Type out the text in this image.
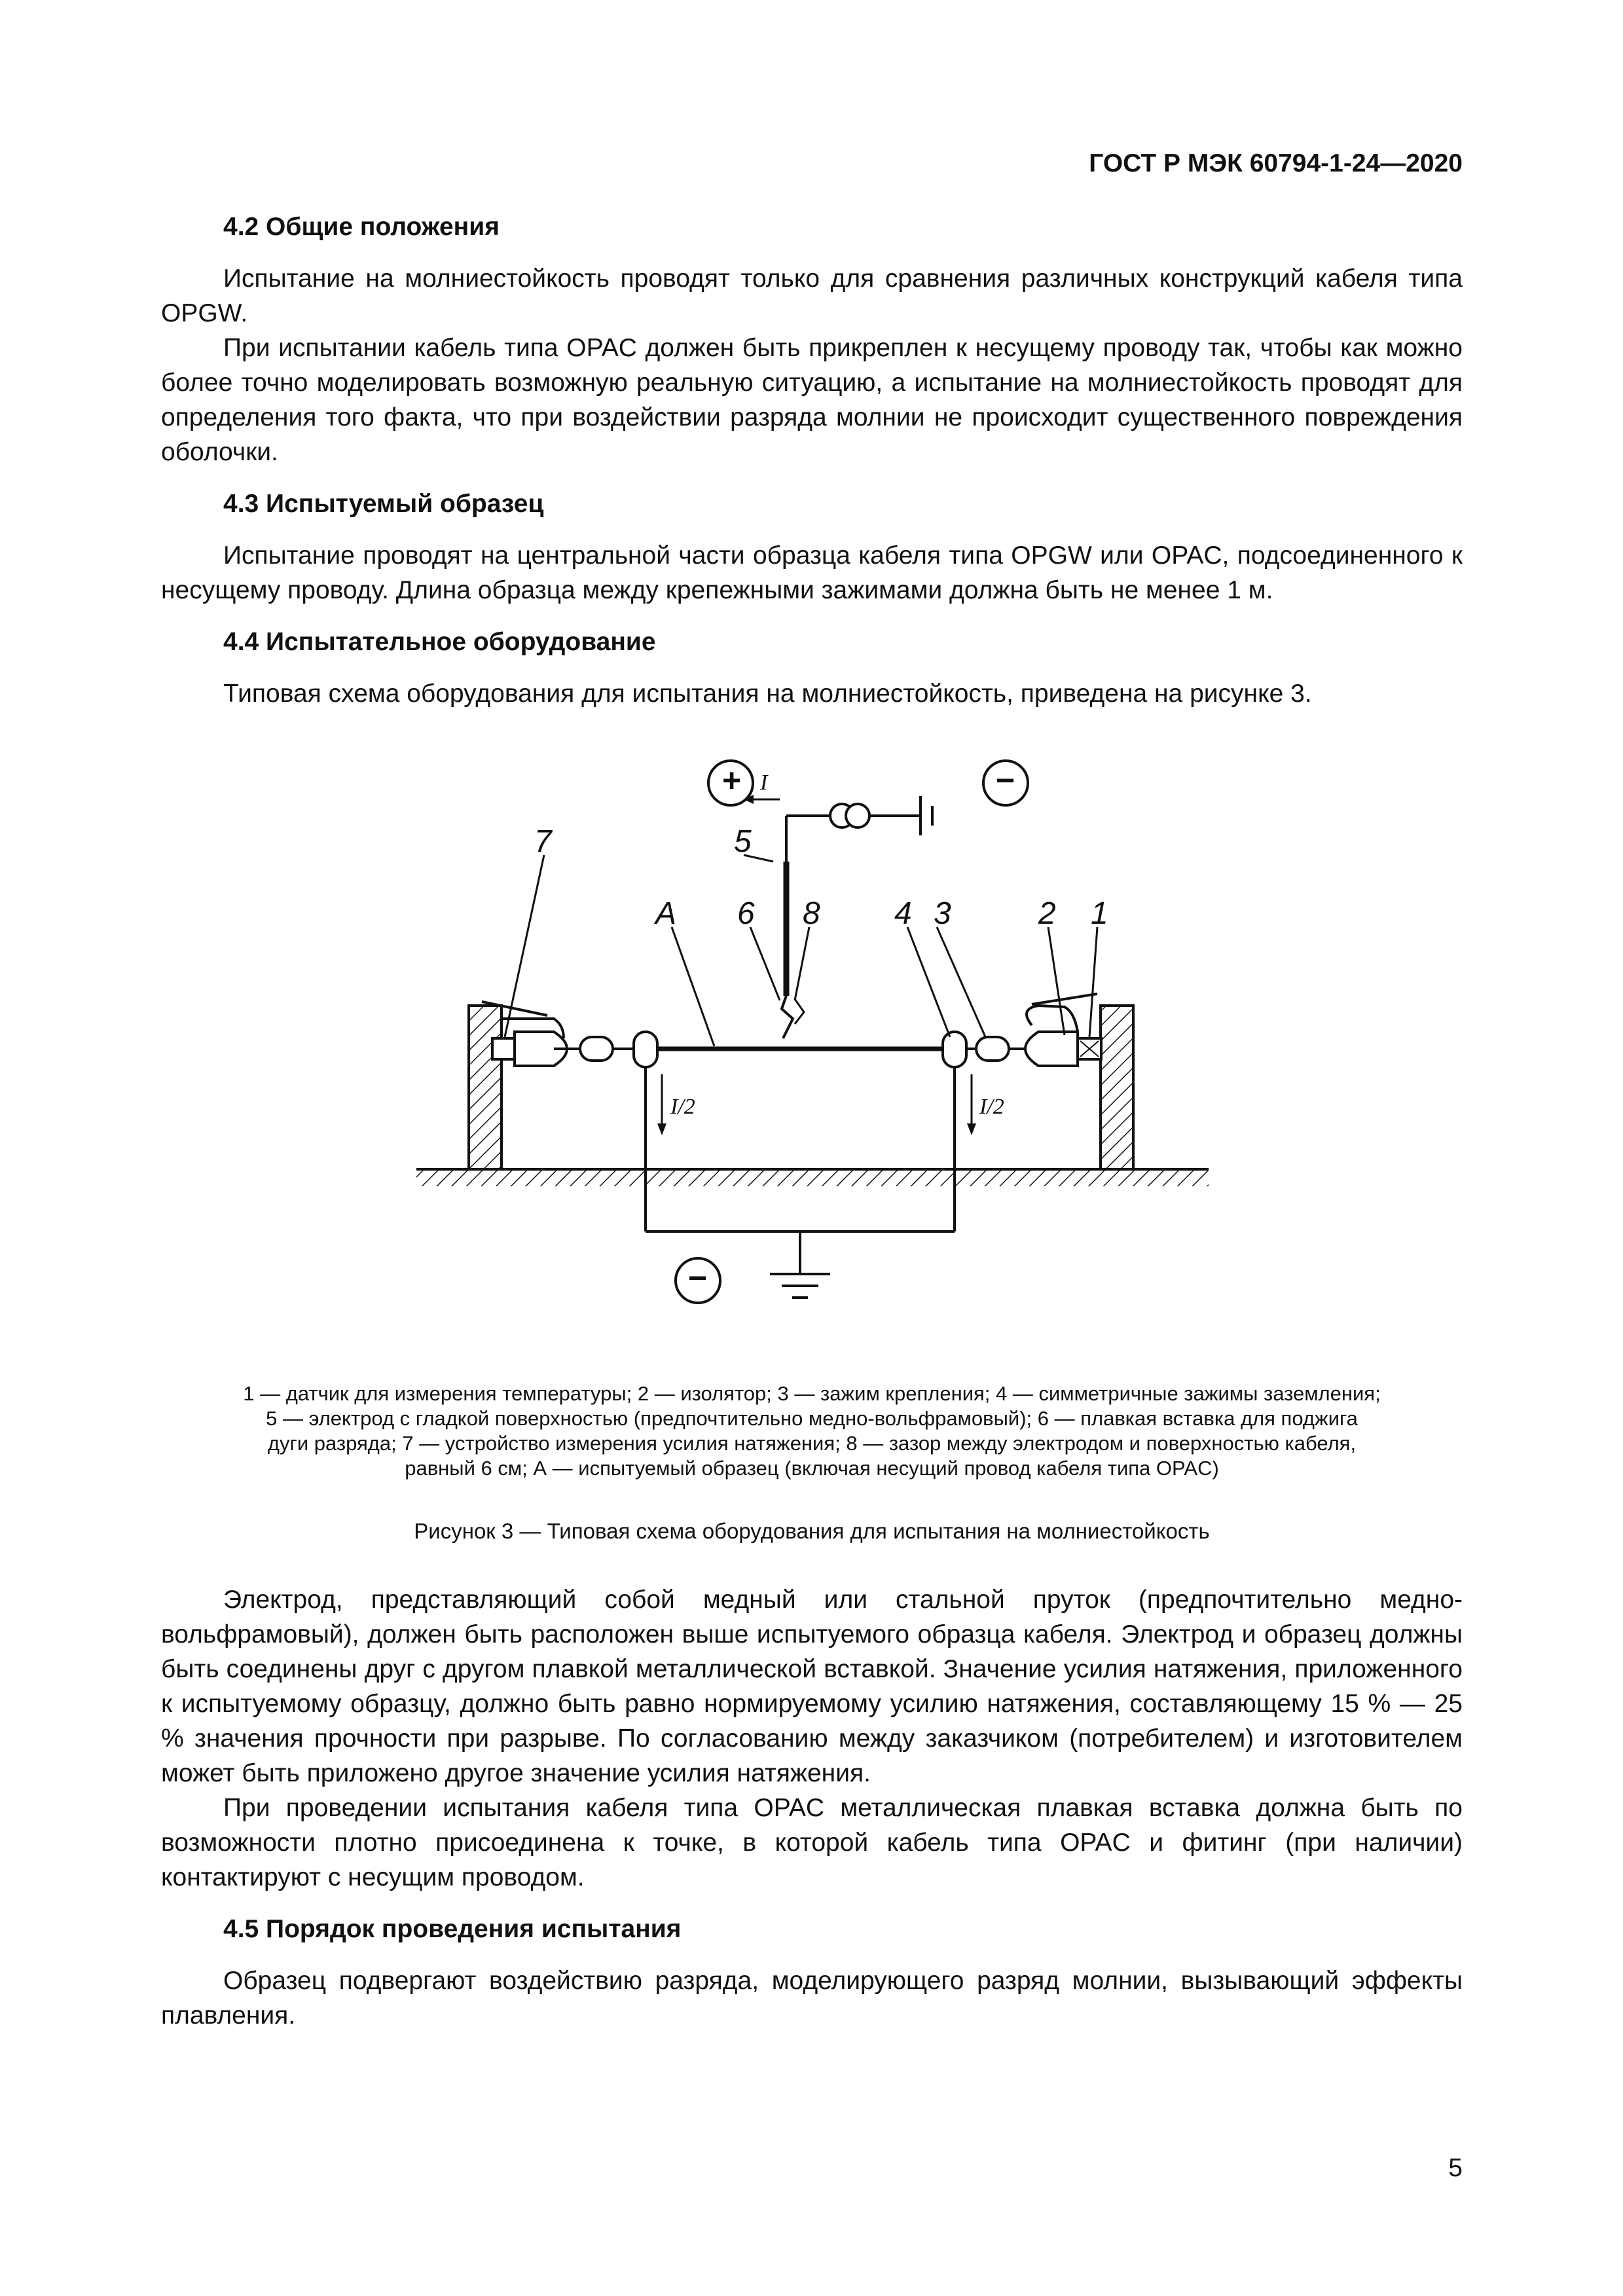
ГОСТ Р МЭК 60794-1-24—2020
4.2 Общие положения

Испытание на молниестойкость проводят только для сравнения различных конструкций кабеля типа OPGW.

При испытании кабель типа OPAC должен быть прикреплен к несущему проводу так, чтобы как можно более точно моделировать возможную реальную ситуацию, а испытание на молниестойкость проводят для определения того факта, что при воздействии разряда молнии не происходит существенного повреждения оболочки.

4.3 Испытуемый образец

Испытание проводят на центральной части образца кабеля типа OPGW или OPAC, подсоединенного к несущему проводу. Длина образца между крепежными зажимами должна быть не менее 1 м.

4.4 Испытательное оборудование

Типовая схема оборудования для испытания на молниестойкость, приведена на рисунке 3.

7	5
A 6 8 4 3	2 1
I
I/2	I/2
+	−
−
1 — датчик для измерения температуры; 2 — изолятор; 3 — зажим крепления; 4 — симметричные зажимы заземления;
5 — электрод с гладкой поверхностью (предпочтительно медно-вольфрамовый); 6 — плавкая вставка для поджига
дуги разряда; 7 — устройство измерения усилия натяжения; 8 — зазор между электродом и поверхностью кабеля,
равный 6 см; А — испытуемый образец (включая несущий провод кабеля типа OPAC)
Рисунок 3 — Типовая схема оборудования для испытания на молниестойкость

Электрод, представляющий собой медный или стальной пруток (предпочтительно медно-вольфрамовый), должен быть расположен выше испытуемого образца кабеля. Электрод и образец должны быть соединены друг с другом плавкой металлической вставкой. Значение усилия натяжения, приложенного к испытуемому образцу, должно быть равно нормируемому усилию натяжения, составляющему 15 % — 25 % значения прочности при разрыве. По согласованию между заказчиком (потребителем) и изготовителем может быть приложено другое значение усилия натяжения.

При проведении испытания кабеля типа OPAC металлическая плавкая вставка должна быть по возможности плотно присоединена к точке, в которой кабель типа OPAC и фитинг (при наличии) контактируют с несущим проводом.

4.5 Порядок проведения испытания

Образец подвергают воздействию разряда, моделирующего разряд молнии, вызывающий эффекты плавления.

5
